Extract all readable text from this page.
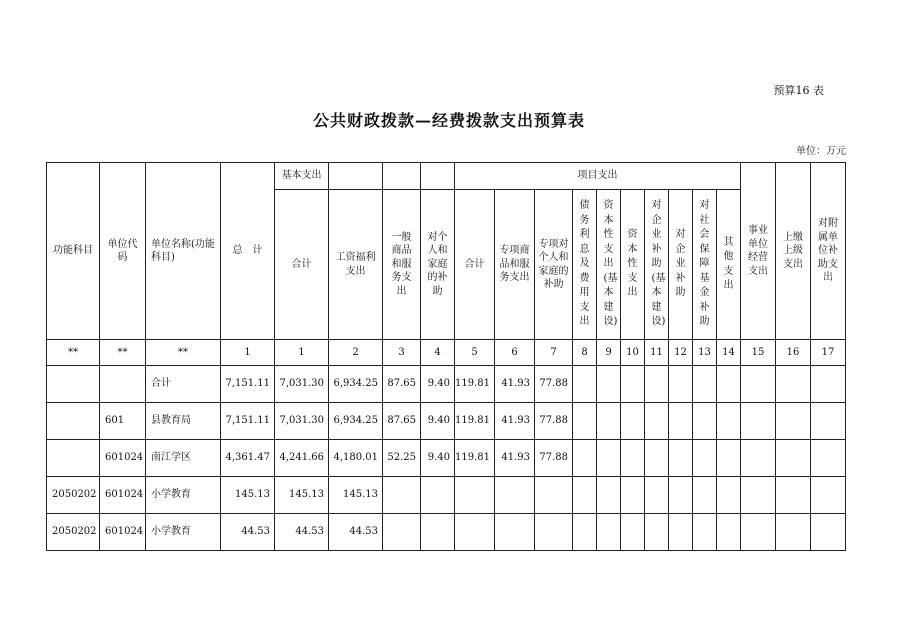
预算16 表
公共财政拨款—经费拨款支出预算表
单位：万元
功能科目	单位代码	单位名称(功能科目)	总　计	基本支出				项目支出										事业单位经营支出	上缴上级支出	对附属单位补助支出
				合计	工资福利支出	一般商品和服务支出	对个人和家庭的补助	合计	专项商品和服务支出	专项对个人和家庭的补助	债务利息及费用支出	资本性支出(基本建设)	资本性支出	对企业补助(基本建设)	对企业补助	对社会保障基金补助	其他支出			
**	**	**	1	1	2	3	4	5	6	7	8	9	10	11	12	13	14	15	16	17
		合计	7,151.11	7,031.30	6,934.25	87.65	9.40	119.81	41.93	77.88										
	601	县教育局	7,151.11	7,031.30	6,934.25	87.65	9.40	119.81	41.93	77.88										
	601024	南江学区	4,361.47	4,241.66	4,180.01	52.25	9.40	119.81	41.93	77.88										
2050202	601024	小学教育	145.13	145.13	145.13															
2050202	601024	小学教育	44.53	44.53	44.53															
